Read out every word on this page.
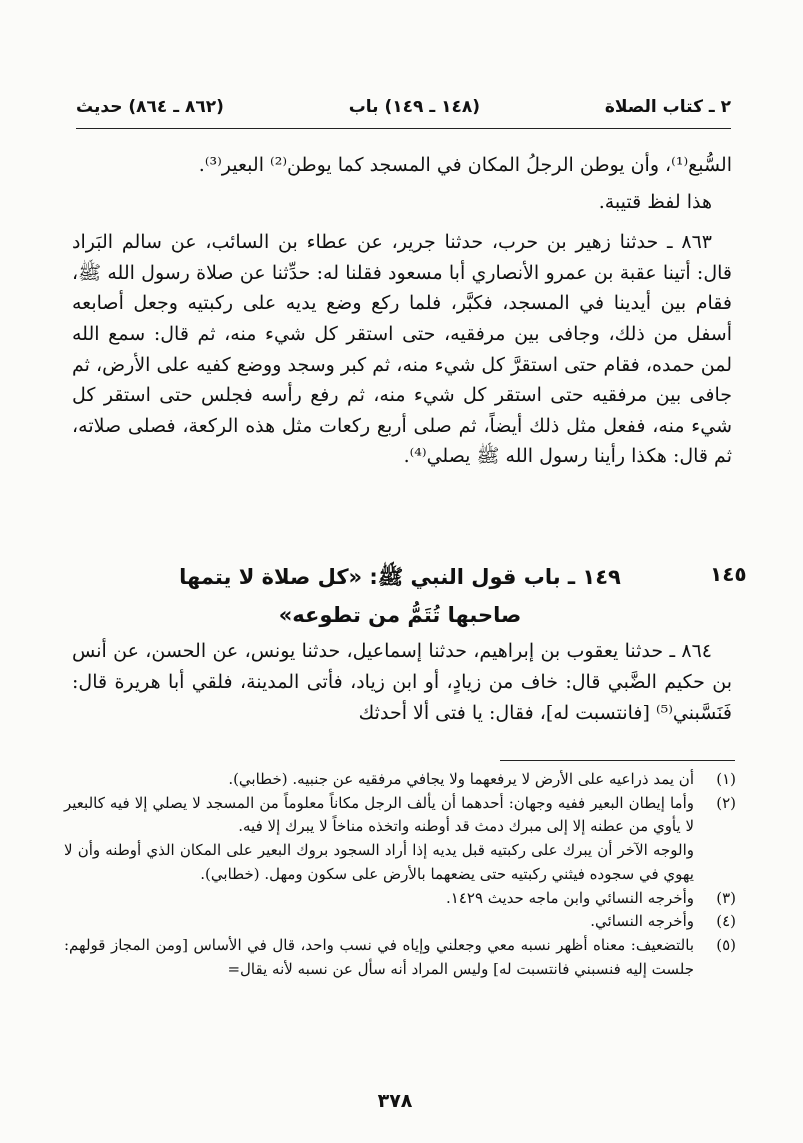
٢ ـ كتاب الصلاة
(١٤٨ ـ ١٤٩) باب
(٨٦٢ ـ ٨٦٤) حديث

السُّبع⁽¹⁾، وأن يوطن الرجلُ المكان في المسجد كما يوطن⁽²⁾ البعير⁽³⁾.

هذا لفظ قتيبة.

٨٦٣ ـ حدثنا زهير بن حرب، حدثنا جرير، عن عطاء بن السائب، عن سالم البَراد قال: أتينا عقبة بن عمرو الأنصاري أبا مسعود فقلنا له: حدِّثنا عن صلاة رسول الله ﷺ، فقام بين أيدينا في المسجد، فكبَّر، فلما ركع وضع يديه على ركبتيه وجعل أصابعه أسفل من ذلك، وجافى بين مرفقيه، حتى استقر كل شيء منه، ثم قال: سمع الله لمن حمده، فقام حتى استقرَّ كل شيء منه، ثم كبر وسجد ووضع كفيه على الأرض، ثم جافى بين مرفقيه حتى استقر كل شيء منه، ثم رفع رأسه فجلس حتى استقر كل شيء منه، ففعل مثل ذلك أيضاً، ثم صلى أربع ركعات مثل هذه الركعة، فصلى صلاته، ثم قال: هكذا رأينا رسول الله ﷺ يصلي⁽⁴⁾.

١٤٥
١٤٩ ـ باب قول النبي ﷺ: «كل صلاة لا يتمها
صاحبها تُتَمُّ من تطوعه»

٨٦٤ ـ حدثنا يعقوب بن إبراهيم، حدثنا إسماعيل، حدثنا يونس، عن الحسن، عن أنس بن حكيم الضَّبي قال: خاف من زيادٍ، أو ابن زياد، فأتى المدينة، فلقي أبا هريرة قال: فَنَسَّبني⁽⁵⁾ [فانتسبت له]، فقال: يا فتى ألا أحدثك

(١)
أن يمد ذراعيه على الأرض لا يرفعهما ولا يجافي مرفقيه عن جنبيه. (خطابي).
(٢)
وأما إيطان البعير ففيه وجهان: أحدهما أن يألف الرجل مكاناً معلوماً من المسجد لا يصلي إلا فيه كالبعير لا يأوي من عطنه إلا إلى مبرك دمث قد أوطنه واتخذه مناخاً لا يبرك إلا فيه.
والوجه الآخر أن يبرك على ركبتيه قبل يديه إذا أراد السجود بروك البعير على المكان الذي أوطنه وأن لا يهوي في سجوده فيثني ركبتيه حتى يضعهما بالأرض على سكون ومهل. (خطابي).
(٣)
وأخرجه النسائي وابن ماجه حديث ١٤٢٩.
(٤)
وأخرجه النسائي.
(٥)
بالتضعيف: معناه أظهر نسبه معي وجعلني وإياه في نسب واحد، قال في الأساس [ومن المجاز قولهم: جلست إليه فنسبني فانتسبت له] وليس المراد أنه سأل عن نسبه لأنه يقال=
٣٧٨
